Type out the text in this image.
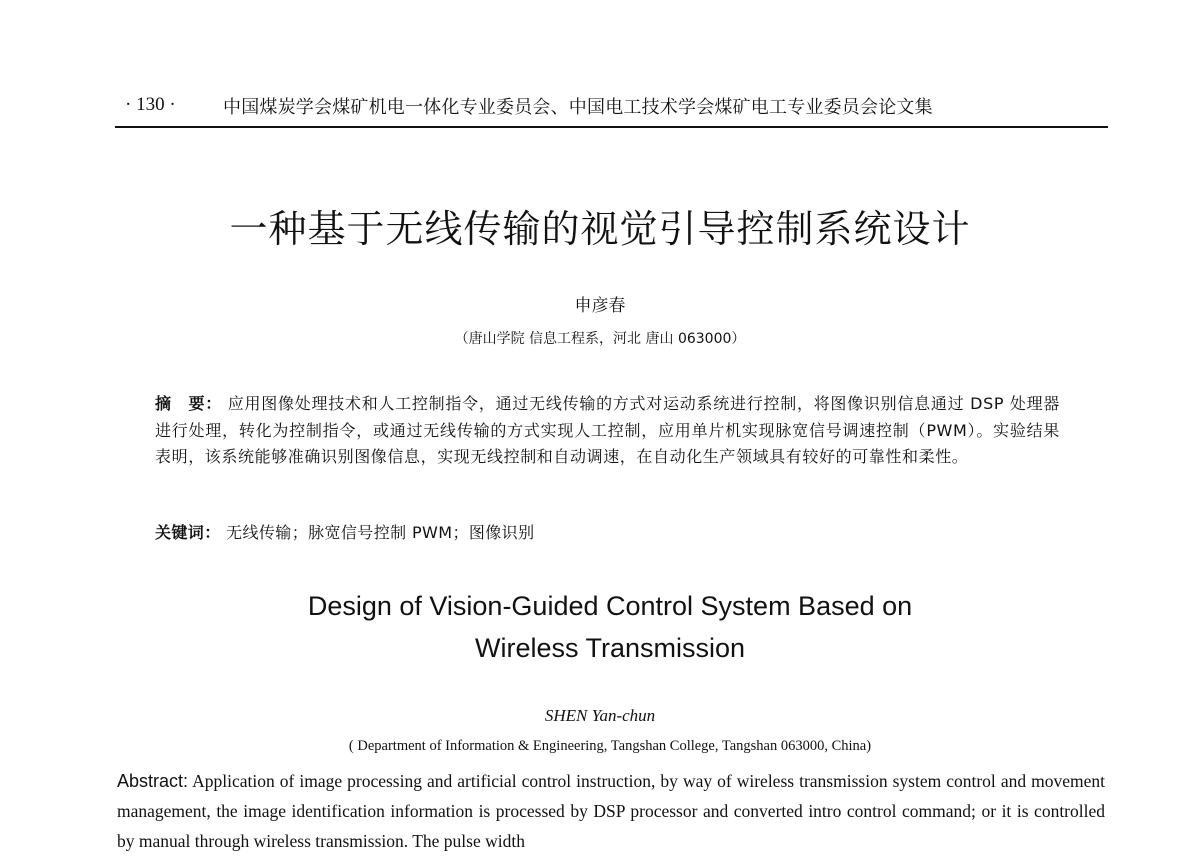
· 130 ·	中国煤炭学会煤矿机电一体化专业委员会、中国电工技术学会煤矿电工专业委员会论文集
一种基于无线传输的视觉引导控制系统设计
申彦春
（唐山学院 信息工程系，河北 唐山 063000）
摘　要： 应用图像处理技术和人工控制指令，通过无线传输的方式对运动系统进行控制，将图像识别信息通过 DSP 处理器进行处理，转化为控制指令，或通过无线传输的方式实现人工控制，应用单片机实现脉宽信号调速控制（PWM）。实验结果表明，该系统能够准确识别图像信息，实现无线控制和自动调速，在自动化生产领域具有较好的可靠性和柔性。
关键词： 无线传输；脉宽信号控制 PWM；图像识别
Design of Vision-Guided Control System Based on
Wireless Transmission
SHEN Yan-chun
( Department of Information & Engineering, Tangshan College, Tangshan 063000, China)
Abstract: Application of image processing and artificial control instruction, by way of wireless transmission system control and movement management, the image identification information is processed by DSP processor and converted intro control command; or it is controlled by manual through wireless transmission. The pulse width
